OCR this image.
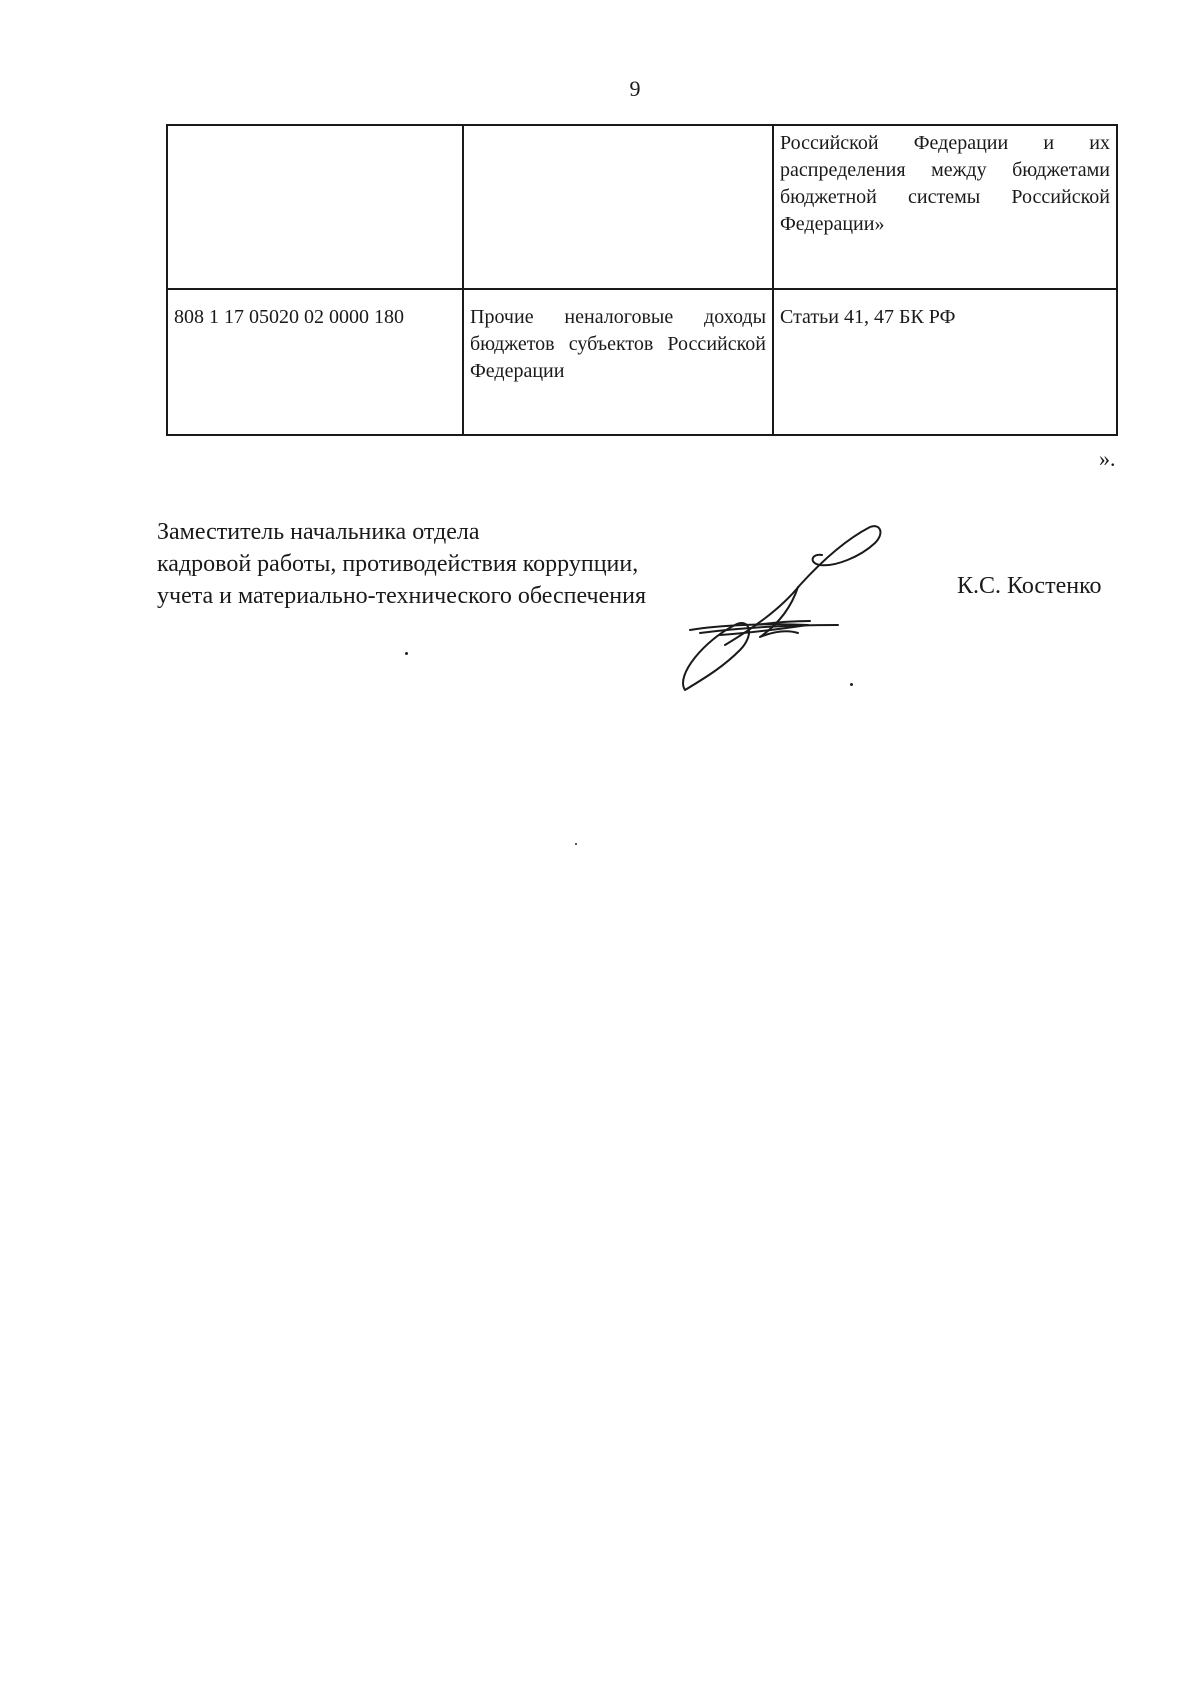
9
		Российской Федерации и их распределения между бюджетами бюджетной системы Российской Федерации»
808 1 17 05020 02 0000 180	Прочие неналоговые доходы бюджетов субъектов Российской Федерации	Статьи 41, 47 БК РФ
».
Заместитель начальника отдела
кадровой работы, противодействия коррупции,
учета и материально-технического обеспечения	К.С. Костенко
